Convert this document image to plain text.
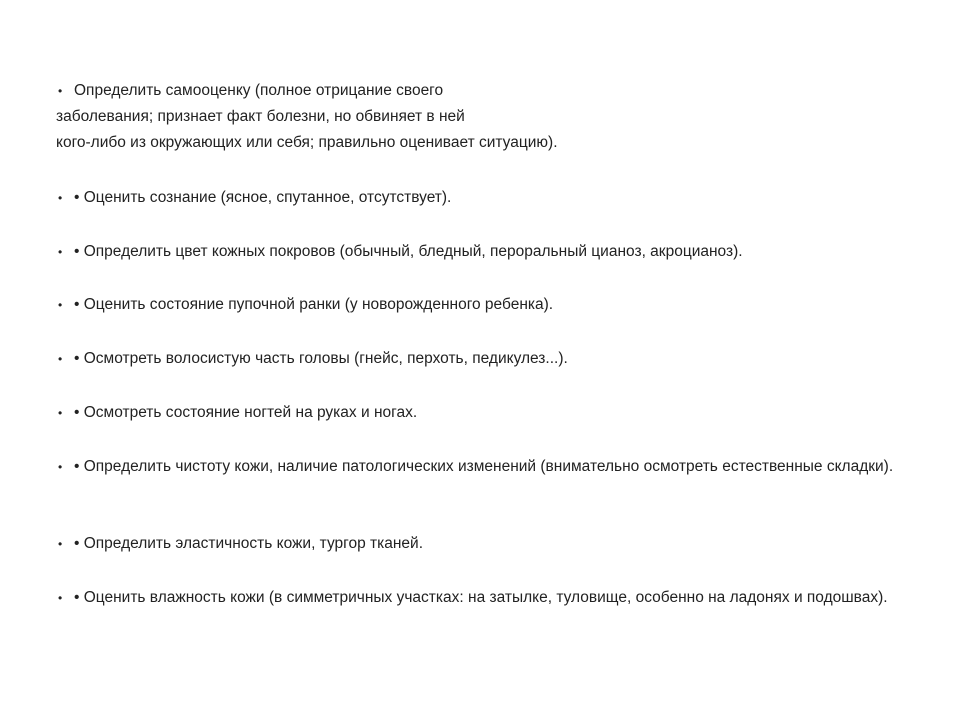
• Определить самооценку (полное отрицание своего
заболевания; признает факт болезни, но обвиняет в ней
кого-либо из окружающих или себя; правильно оценивает ситуацию).
• • Оценить сознание (ясное, спутанное, отсутствует).
• • Определить цвет кожных покровов (обычный, бледный, пероральный цианоз, акроцианоз).
• • Оценить состояние пупочной ранки (у новорожденного ребенка).
• • Осмотреть волосистую часть головы (гнейс, перхоть, педикулез...).
• • Осмотреть состояние ногтей на руках и ногах.
• • Определить чистоту кожи, наличие патологических изменений (внимательно осмотреть естественные складки).
• • Определить эластичность кожи, тургор тканей.
• • Оценить влажность кожи (в симметричных участках: на затылке, туловище, особенно на ладонях и подошвах).
